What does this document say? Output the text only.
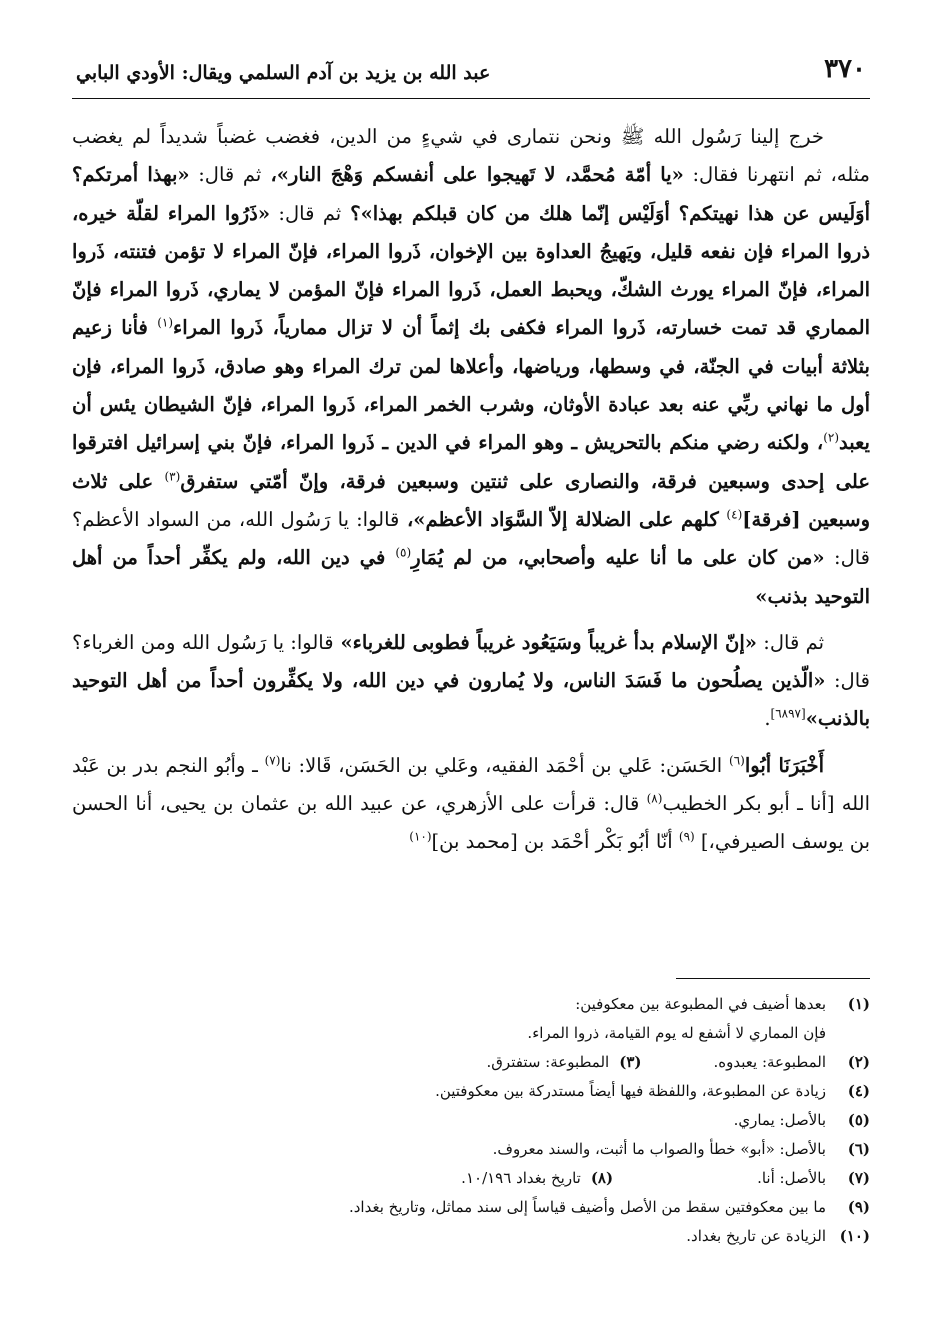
٣٧٠
عبد الله بن يزيد بن آدم السلمي ويقال: الأودي البابي

خرج إلينا رَسُول الله ﷺ ونحن نتمارى في شيءٍ من الدين، فغضب غضباً شديداً لم يغضب مثله، ثم انتهرنا فقال: «يا أمّة مُحمَّد، لا تَهيجوا على أنفسكم وَهْجَ النار»، ثم قال: «بهذا أمرتكم؟ أوَلَيس عن هذا نهيتكم؟ أوَلَيْس إنّما هلك من كان قبلكم بهذا»؟ ثم قال: «ذَرُوا المراء لقلّة خيره، ذروا المراء فإن نفعه قليل، ويَهيجُ العداوة بين الإخوان، ذَروا المراء، فإنّ المراء لا تؤمن فتنته، ذَروا المراء، فإنّ المراء يورث الشكّ، ويحبط العمل، ذَروا المراء فإنّ المؤمن لا يماري، ذَروا المراء فإنّ المماري قد تمت خسارته، ذَروا المراء فكفى بك إثماً أن لا تزال ممارياً، ذَروا المراء$^{(١)}$ فأنا زعيم بثلاثة أبيات في الجنّة، في وسطها، ورياضها، وأعلاها لمن ترك المراء وهو صادق، ذَروا المراء، فإن أول ما نهاني ربِّي عنه بعد عبادة الأوثان، وشرب الخمر المراء، ذَروا المراء، فإنّ الشيطان يئس أن يعبد$^{(٢)}$، ولكنه رضي منكم بالتحريش ـ وهو المراء في الدين ـ ذَروا المراء، فإنّ بني إسرائيل افترقوا على إحدى وسبعين فرقة، والنصارى على ثنتين وسبعين فرقة، وإنّ أمّتي ستفرق$^{(٣)}$ على ثلاث وسبعين [فرقة]$^{(٤)}$ كلهم على الضلالة إلاّ السَّوَاد الأعظم»، قالوا: يا رَسُول الله، من السواد الأعظم؟ قال: «من كان على ما أنا عليه وأصحابي، من لم يُمَارِ$^{(٥)}$ في دين الله، ولم يكفِّر أحداً من أهل التوحيد بذنب»

ثم قال: «إنّ الإسلام بدأ غريباً وسَيَعُود غريباً فطوبى للغرباء» قالوا: يا رَسُول الله ومن الغرباء؟ قال: «الّذين يصلُحون ما فَسَدَ الناس، ولا يُمارون في دين الله، ولا يكفِّرون أحداً من أهل التوحيد بالذنب»[٦٨٩٧].

أَخْبَرَنَا أبُوا$^{(٦)}$ الحَسَن: عَلي بن أحْمَد الفقيه، وعَلي بن الحَسَن، قَالا: نا$^{(٧)}$ ـ وأبُو النجم بدر بن عَبْد الله [أنا ـ أبو بكر الخطيب$^{(٨)}$ قال: قرأت على الأزهري، عن عبيد الله بن عثمان بن يحيى، أنا الحسن بن يوسف الصيرفي،] $^{(٩)}$ أنّا أبُو بَكْر أحْمَد بن [محمد بن]$^{(١٠)}$

(١)
بعدها أضيف في المطبوعة بين معكوفين:
فإن المماري لا أشفع له يوم القيامة، ذروا المراء.
(٢)
المطبوعة: يعبدوه.(٣)المطبوعة: ستفترق.
(٤)
زيادة عن المطبوعة، واللفظة فيها أيضاً مستدركة بين معكوفتين.
(٥)
بالأصل: يماري.
(٦)
بالأصل: «أبو» خطأ والصواب ما أثبت، والسند معروف.
(٧)
بالأصل: أنا.(٨)تاريخ بغداد ١٠/١٩٦.
(٩)
ما بين معكوفتين سقط من الأصل وأضيف قياساً إلى سند مماثل، وتاريخ بغداد.
(١٠)
الزيادة عن تاريخ بغداد.
